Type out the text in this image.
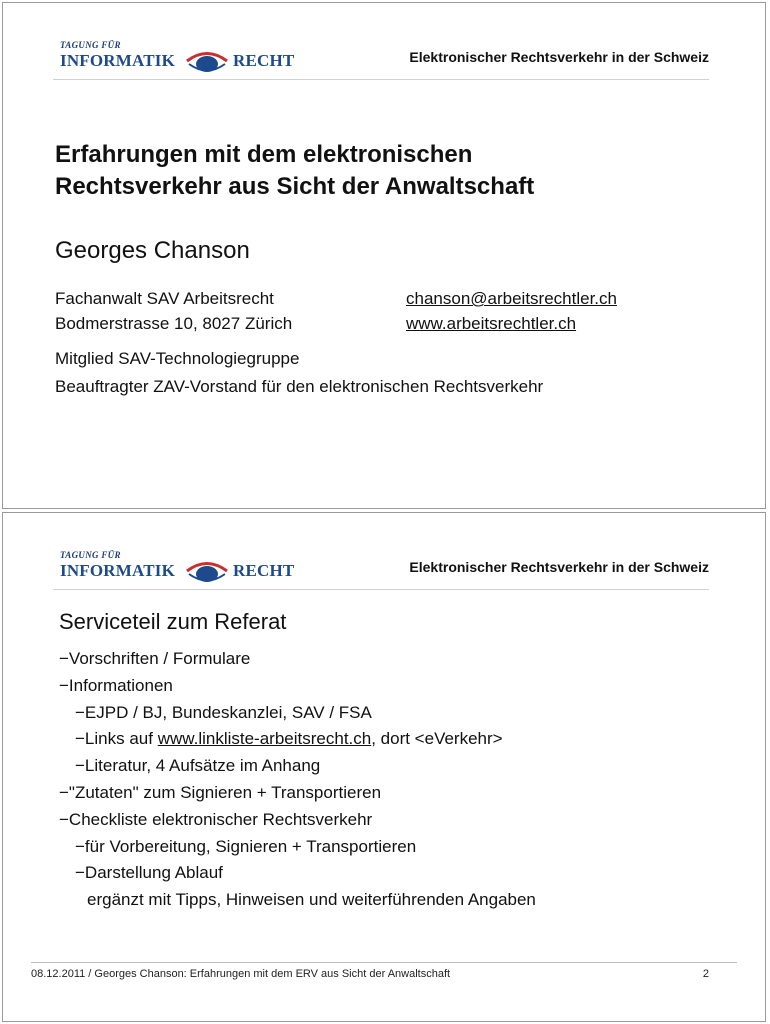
TAGUNG FÜR
INFORMATIK	RECHT	Elektronischer Rechtsverkehr in der Schweiz
Erfahrungen mit dem elektronischen
Rechtsverkehr aus Sicht der Anwaltschaft
Georges Chanson
Fachanwalt SAV Arbeitsrecht	chanson@arbeitsrechtler.ch
Bodmerstrasse 10, 8027 Zürich	www.arbeitsrechtler.ch
Mitglied SAV-Technologiegruppe
Beauftragter ZAV-Vorstand für den elektronischen Rechtsverkehr
TAGUNG FÜR
INFORMATIK	RECHT	Elektronischer Rechtsverkehr in der Schweiz
Serviceteil zum Referat
−Vorschriften / Formulare
−Informationen
−EJPD / BJ, Bundeskanzlei, SAV / FSA
−Links auf www.linkliste-arbeitsrecht.ch, dort <eVerkehr>
−Literatur, 4 Aufsätze im Anhang
−"Zutaten" zum Signieren + Transportieren
−Checkliste elektronischer Rechtsverkehr
−für Vorbereitung, Signieren + Transportieren
−Darstellung Ablauf
ergänzt mit Tipps, Hinweisen und weiterführenden Angaben
08.12.2011 / Georges Chanson: Erfahrungen mit dem ERV aus Sicht der Anwaltschaft	2
